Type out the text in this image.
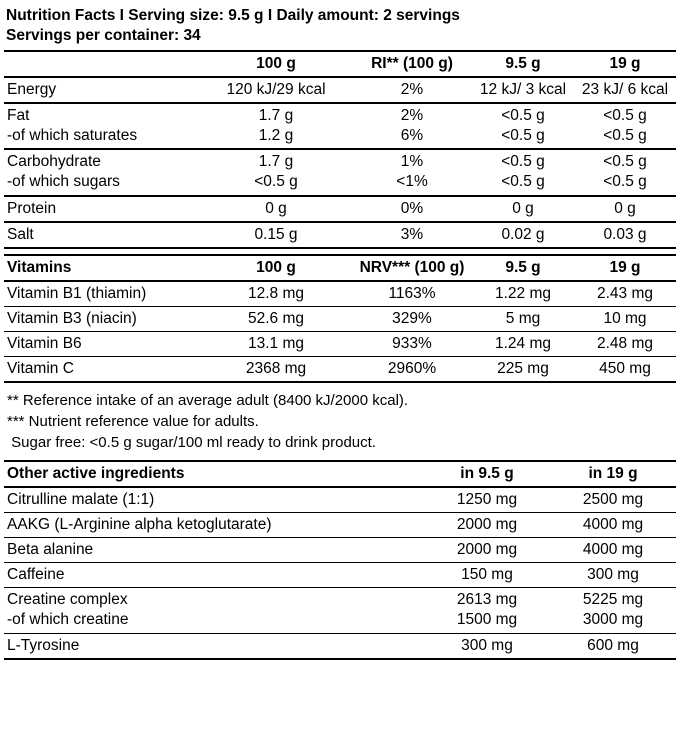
Nutrition Facts I Serving size: 9.5 g I Daily amount: 2 servings
Servings per container: 34
	100 g	RI** (100 g)	9.5 g	19 g
Energy	120 kJ/29 kcal	2%	12 kJ/ 3 kcal	23 kJ/ 6 kcal
Fat	1.7 g	2%	<0.5 g	<0.5 g
-of which saturates	1.2 g	6%	<0.5 g	<0.5 g
Carbohydrate	1.7 g	1%	<0.5 g	<0.5 g
-of which sugars	<0.5 g	<1%	<0.5 g	<0.5 g
Protein	0 g	0%	0 g	0 g
Salt	0.15 g	3%	0.02 g	0.03 g

Vitamins	100 g	NRV*** (100 g)	9.5 g	19 g
Vitamin B1 (thiamin)	12.8 mg	1163%	1.22 mg	2.43 mg
Vitamin B3 (niacin)	52.6 mg	329%	5 mg	10 mg
Vitamin B6	13.1 mg	933%	1.24 mg	2.48 mg
Vitamin C	2368 mg	2960%	225 mg	450 mg

** Reference intake of an average adult (8400 kJ/2000 kcal).
*** Nutrient reference value for adults.
Sugar free: <0.5 g sugar/100 ml ready to drink product.
Other active ingredients	in 9.5 g	in 19 g
Citrulline malate (1:1)	1250 mg	2500 mg
AAKG (L-Arginine alpha ketoglutarate)	2000 mg	4000 mg
Beta alanine	2000 mg	4000 mg
Caffeine	150 mg	300 mg
Creatine complex	2613 mg	5225 mg
-of which creatine	1500 mg	3000 mg
L-Tyrosine	300 mg	600 mg
